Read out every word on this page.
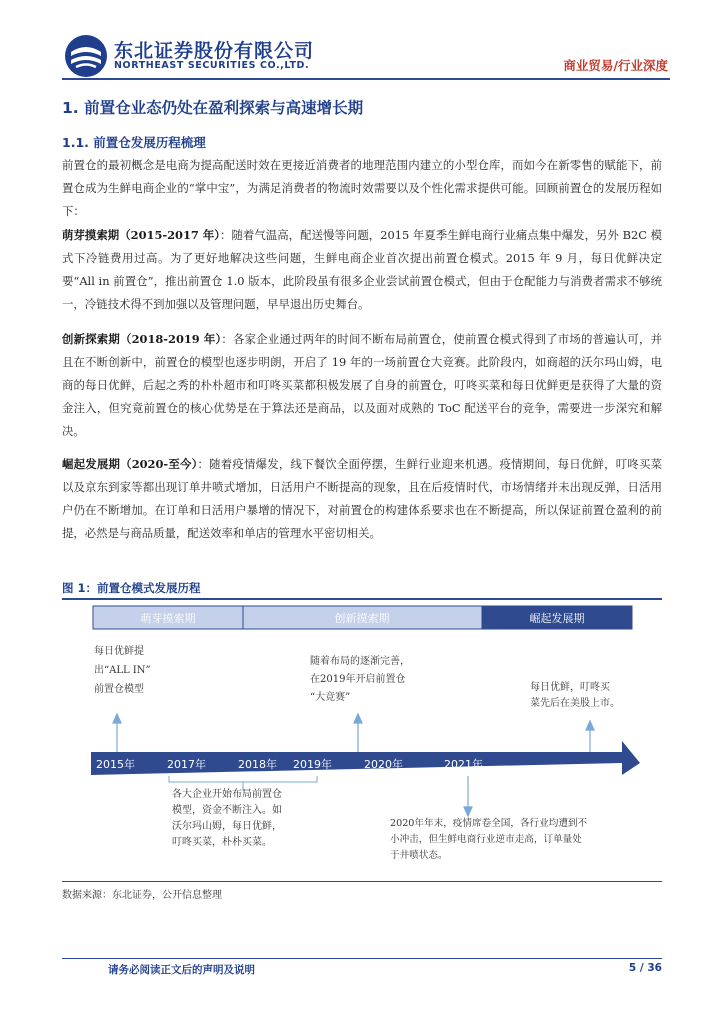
东北证券股份有限公司
NORTHEAST SECURITIES CO.,LTD.	商业贸易/行业深度
1. 前置仓业态仍处在盈利探索与高速增长期
1.1. 前置仓发展历程梳理
前置仓的最初概念是电商为提高配送时效在更接近消费者的地理范围内建立的小型仓库，而如今在新零售的赋能下，前置仓成为生鲜电商企业的“掌中宝”，为满足消费者的物流时效需要以及个性化需求提供可能。回顾前置仓的发展历程如下：
萌芽摸索期（2015-2017 年）：随着气温高，配送慢等问题，2015 年夏季生鲜电商行业痛点集中爆发，另外 B2C 模式下冷链费用过高。为了更好地解决这些问题，生鲜电商企业首次提出前置仓模式。2015 年 9 月，每日优鲜决定要“All in 前置仓”，推出前置仓 1.0 版本，此阶段虽有很多企业尝试前置仓模式，但由于仓配能力与消费者需求不够统一，冷链技术得不到加强以及管理问题，早早退出历史舞台。
创新探索期（2018-2019 年）：各家企业通过两年的时间不断布局前置仓，使前置仓模式得到了市场的普遍认可，并且在不断创新中，前置仓的模型也逐步明朗，开启了 19 年的一场前置仓大竞赛。此阶段内，如商超的沃尔玛山姆，电商的每日优鲜，后起之秀的朴朴超市和叮咚买菜都积极发展了自身的前置仓，叮咚买菜和每日优鲜更是获得了大量的资金注入，但究竟前置仓的核心优势是在于算法还是商品，以及面对成熟的 ToC 配送平台的竞争，需要进一步深究和解决。
崛起发展期（2020-至今）：随着疫情爆发，线下餐饮全面停摆，生鲜行业迎来机遇。疫情期间，每日优鲜，叮咚买菜以及京东到家等都出现订单井喷式增加，日活用户不断提高的现象，且在后疫情时代，市场情绪并未出现反弹，日活用户仍在不断增加。在订单和日活用户暴增的情况下，对前置仓的构建体系要求也在不断提高，所以保证前置仓盈利的前提，必然是与商品质量，配送效率和单店的管理水平密切相关。
图 1：前置仓模式发展历程
萌芽摸索期	创新摸索期	崛起发展期
2015年	2017年	2018年 2019年	2020年	2021年
每日优鲜提出“ALL IN”前置仓模型
随着布局的逐渐完善，在2019年开启前置仓“大竞赛”
每日优鲜，叮咚买菜先后在美股上市。
各大企业开始布局前置仓模型，资金不断注入。如沃尔玛山姆，每日优鲜，叮咚买菜，朴朴买菜。
2020年年末，疫情席卷全国，各行业均遭到不小冲击，但生鲜电商行业逆市走高，订单量处于井喷状态。
数据来源：东北证券，公开信息整理
请务必阅读正文后的声明及说明	5 / 36
